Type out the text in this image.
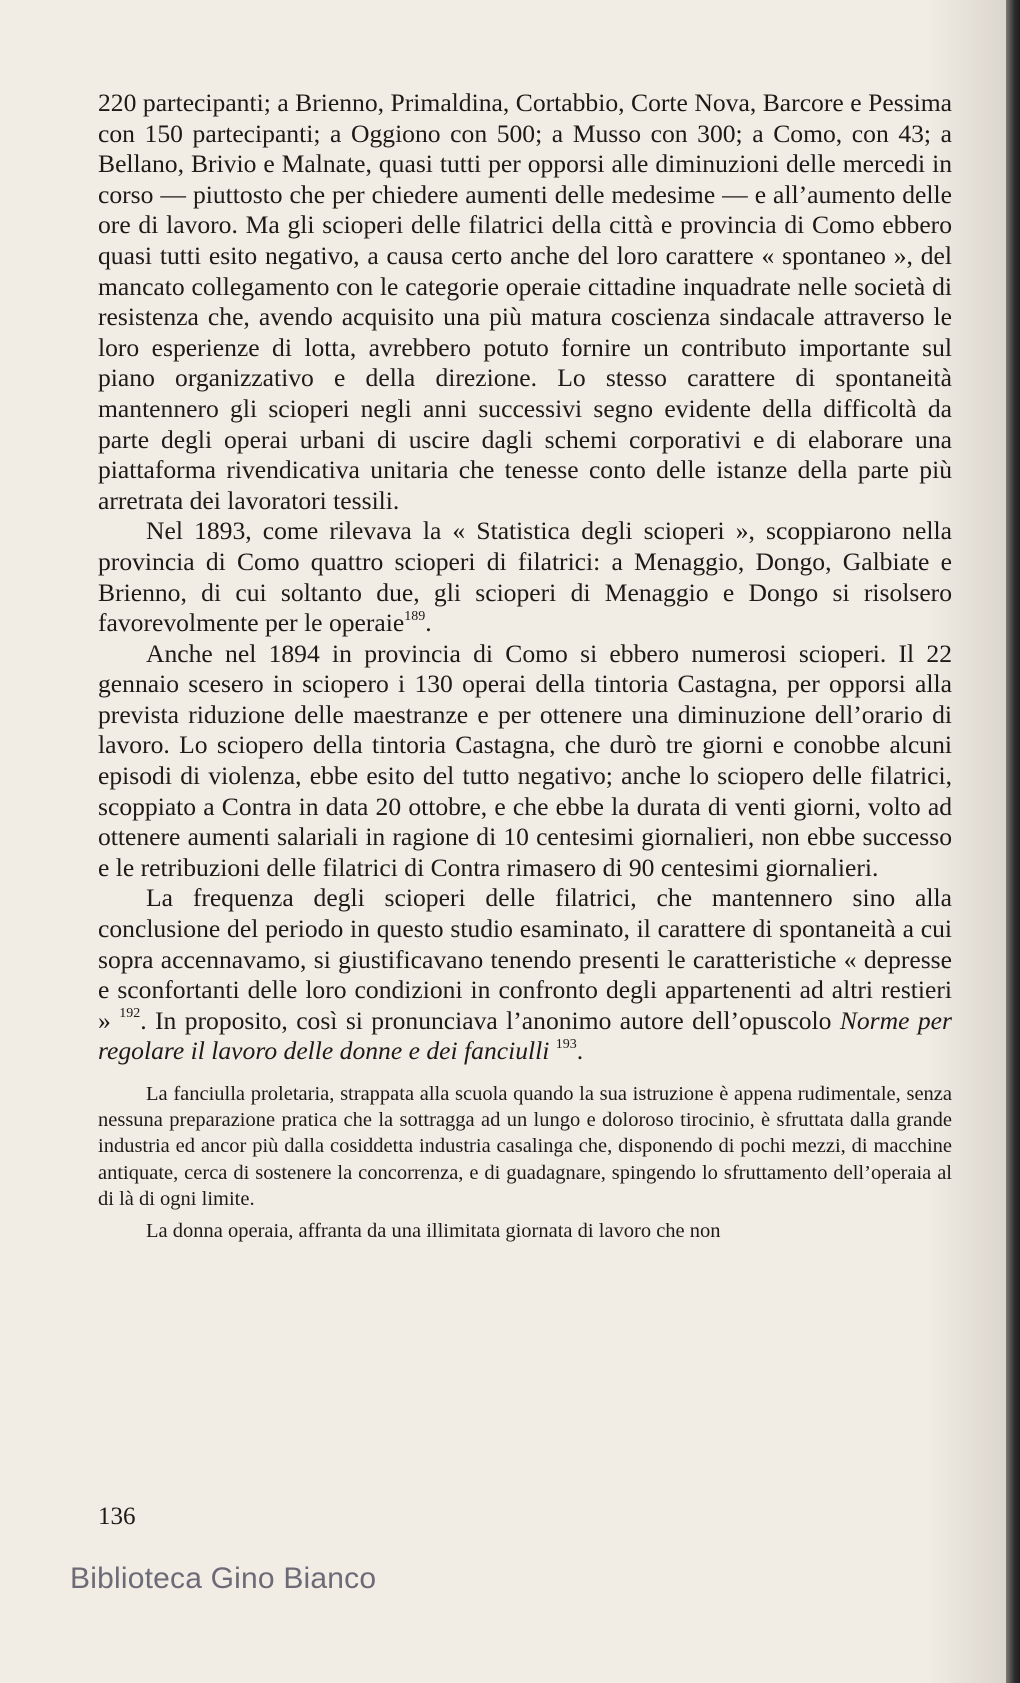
220 partecipanti; a Brienno, Primaldina, Cortabbio, Corte Nova, Barcore e Pessima con 150 partecipanti; a Oggiono con 500; a Musso con 300; a Como, con 43; a Bellano, Brivio e Malnate, quasi tutti per opporsi alle diminuzioni delle mercedi in corso — piuttosto che per chiedere aumenti delle medesime — e all’aumento delle ore di lavoro. Ma gli scioperi delle filatrici della città e provincia di Como ebbero quasi tutti esito negativo, a causa certo anche del loro carattere « spontaneo », del mancato collegamento con le categorie operaie cittadine inquadrate nelle società di resistenza che, avendo acquisito una più matura coscienza sindacale attraverso le loro esperienze di lotta, avrebbero potuto fornire un contributo importante sul piano organizzativo e della direzione. Lo stesso carattere di spontaneità mantennero gli scioperi negli anni successivi segno evidente della difficoltà da parte degli operai urbani di uscire dagli schemi corporativi e di elaborare una piattaforma rivendicativa unitaria che tenesse conto delle istanze della parte più arretrata dei lavoratori tessili.

Nel 1893, come rilevava la « Statistica degli scioperi », scoppiarono nella provincia di Como quattro scioperi di filatrici: a Menaggio, Dongo, Galbiate e Brienno, di cui soltanto due, gli scioperi di Menaggio e Dongo si risolsero favorevolmente per le operaie$^{189}$.

Anche nel 1894 in provincia di Como si ebbero numerosi scioperi. Il 22 gennaio scesero in sciopero i 130 operai della tintoria Castagna, per opporsi alla prevista riduzione delle maestranze e per ottenere una diminuzione dell’orario di lavoro. Lo sciopero della tintoria Castagna, che durò tre giorni e conobbe alcuni episodi di violenza, ebbe esito del tutto negativo; anche lo sciopero delle filatrici, scoppiato a Contra in data 20 ottobre, e che ebbe la durata di venti giorni, volto ad ottenere aumenti salariali in ragione di 10 centesimi giornalieri, non ebbe successo e le retribuzioni delle filatrici di Contra rimasero di 90 centesimi giornalieri.

La frequenza degli scioperi delle filatrici, che mantennero sino alla conclusione del periodo in questo studio esaminato, il carattere di spontaneità a cui sopra accennavamo, si giustificavano tenendo presenti le caratteristiche « depresse e sconfortanti delle loro condizioni in confronto degli appartenenti ad altri restieri » $^{192}$. In proposito, così si pronunciava l’anonimo autore dell’opuscolo Norme per regolare il lavoro delle donne e dei fanciulli $^{193}$.

La fanciulla proletaria, strappata alla scuola quando la sua istruzione è appena rudimentale, senza nessuna preparazione pratica che la sottragga ad un lungo e doloroso tirocinio, è sfruttata dalla grande industria ed ancor più dalla cosiddetta industria casalinga che, disponendo di pochi mezzi, di macchine antiquate, cerca di sostenere la concorrenza, e di guadagnare, spingendo lo sfruttamento dell’operaia al di là di ogni limite.

La donna operaia, affranta da una illimitata giornata di lavoro che non

136
Biblioteca Gino Bianco
